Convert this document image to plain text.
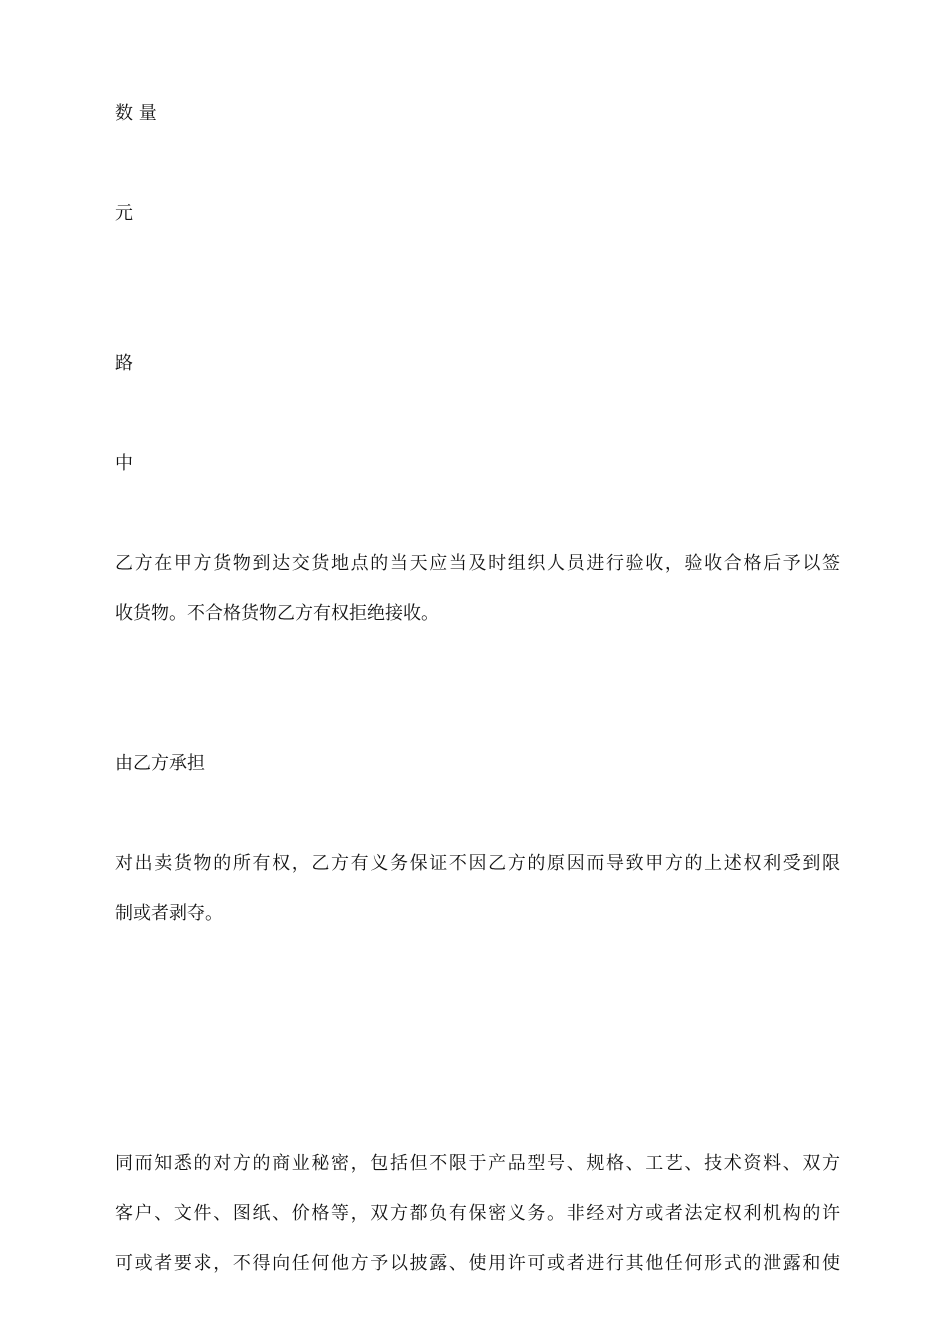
数 量
元
路
中
乙方在甲方货物到达交货地点的当天应当及时组织人员进行验收，验收合格后予以签
收货物。不合格货物乙方有权拒绝接收。
由乙方承担
对出卖货物的所有权，乙方有义务保证不因乙方的原因而导致甲方的上述权利受到限
制或者剥夺。
同而知悉的对方的商业秘密，包括但不限于产品型号、规格、工艺、技术资料、双方
客户、文件、图纸、价格等，双方都负有保密义务。非经对方或者法定权利机构的许
可或者要求，不得向任何他方予以披露、使用许可或者进行其他任何形式的泄露和使
